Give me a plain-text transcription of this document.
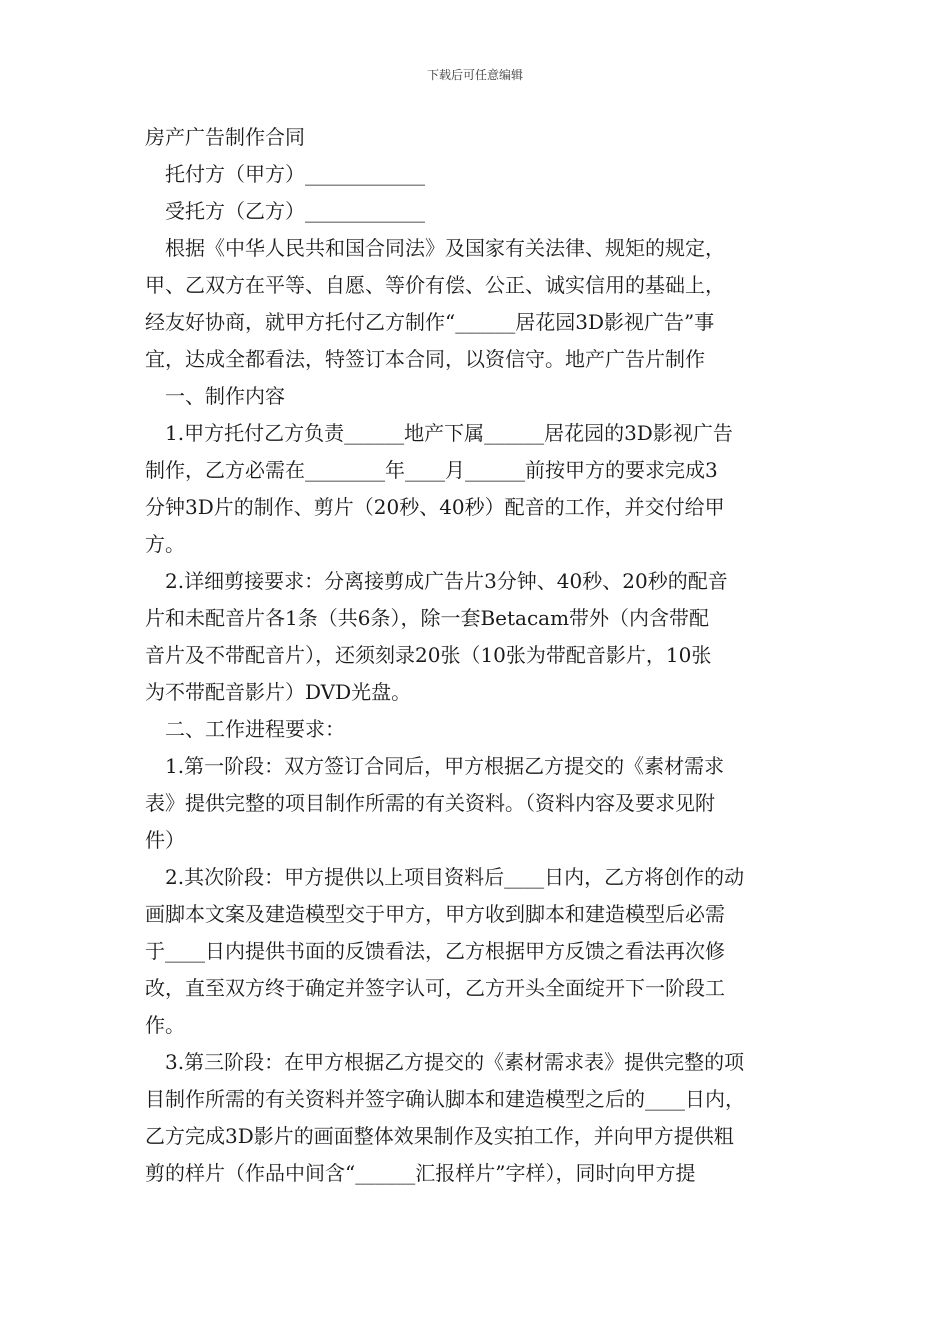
下载后可任意编辑
房产广告制作合同
托付方（甲方）____________
受托方（乙方）____________
根据《中华人民共和国合同法》及国家有关法律、规矩的规定，
甲、乙双方在平等、自愿、等价有偿、公正、诚实信用的基础上，
经友好协商，就甲方托付乙方制作“______居花园3D影视广告”事
宜，达成全都看法，特签订本合同，以资信守。地产广告片制作
一、制作内容
1.甲方托付乙方负责______地产下属______居花园的3D影视广告
制作，乙方必需在________年____月______前按甲方的要求完成3
分钟3D片的制作、剪片（20秒、40秒）配音的工作，并交付给甲
方。
2.详细剪接要求：分离接剪成广告片3分钟、40秒、20秒的配音
片和未配音片各1条（共6条），除一套Betacam带外（内含带配
音片及不带配音片），还须刻录20张（10张为带配音影片，10张
为不带配音影片）DVD光盘。
二、工作进程要求：
1.第一阶段：双方签订合同后，甲方根据乙方提交的《素材需求
表》提供完整的项目制作所需的有关资料。（资料内容及要求见附
件）
2.其次阶段：甲方提供以上项目资料后____日内，乙方将创作的动
画脚本文案及建造模型交于甲方，甲方收到脚本和建造模型后必需
于____日内提供书面的反馈看法，乙方根据甲方反馈之看法再次修
改，直至双方终于确定并签字认可，乙方开头全面绽开下一阶段工
作。
3.第三阶段：在甲方根据乙方提交的《素材需求表》提供完整的项
目制作所需的有关资料并签字确认脚本和建造模型之后的____日内，
乙方完成3D影片的画面整体效果制作及实拍工作，并向甲方提供粗
剪的样片（作品中间含“______汇报样片”字样），同时向甲方提
